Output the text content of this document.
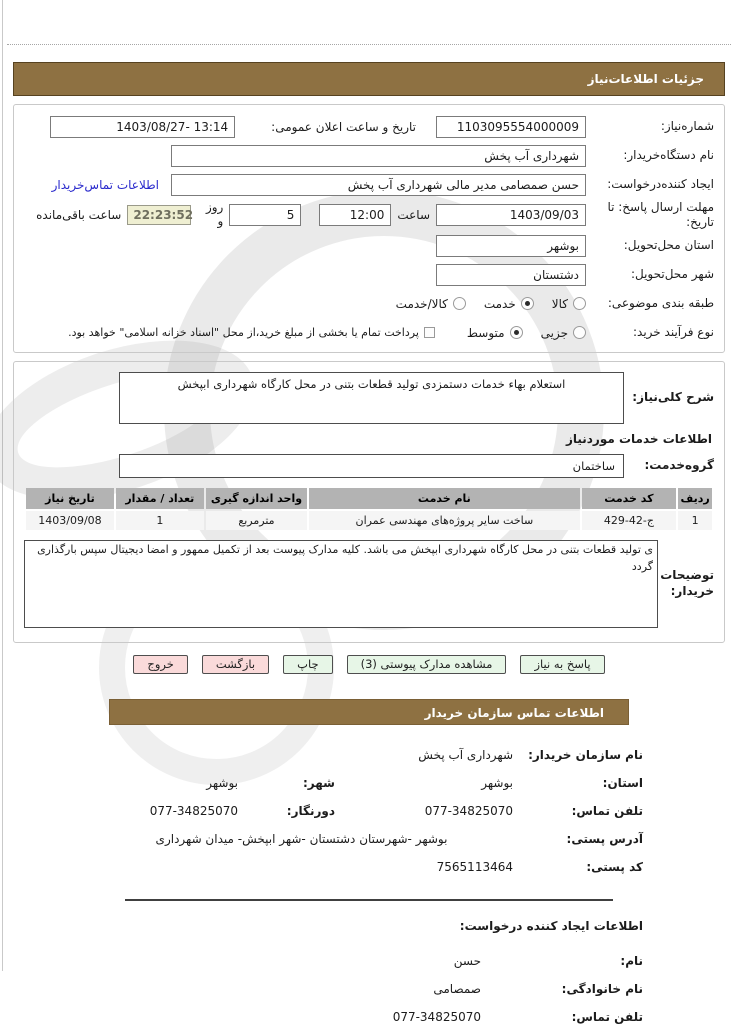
جزئیات اطلاعات‌نیاز
شماره‌نیاز:
1103095554000009
تاریخ و ساعت اعلان عمومی:
1403/08/27- 13:14
نام دستگاه‌خریدار:
شهرداری آب پخش
ایجاد کننده‌درخواست:
حسن صمصامی مدیر مالی شهرداری آب پخش
اطلاعات تماس‌خریدار
مهلت ارسال پاسخ: تا تاریخ:
1403/09/03
ساعت
12:00
5
روز و
22:23:52
ساعت باقی‌مانده
استان محل‌تحویل:
بوشهر
شهر محل‌تحویل:
دشتستان
طبقه بندی موضوعی:
کالا
خدمت
کالا/خدمت
نوع فرآیند خرید:
جزیی
متوسط
پرداخت تمام یا بخشی از مبلغ خرید،از محل "اسناد خزانه اسلامی" خواهد بود.
شرح کلی‌نیاز:
استعلام بهاء خدمات دستمزدی تولید قطعات بتنی در محل کارگاه شهرداری ابپخش
اطلاعات خدمات موردنیاز
گروه‌خدمت:
ساختمان
ردیف	کد خدمت	نام خدمت	واحد اندازه گیری	تعداد / مقدار	تاریخ نیاز
1	ج-42-429	ساخت سایر پروژه‌های مهندسی عمران	مترمربع	1	1403/09/08
توضیحات خریدار:
ی تولید قطعات بتنی در محل کارگاه شهرداری ابپخش می باشد. کلیه مدارک پیوست بعد از تکمیل ممهور و امضا دیجیتال سپس بارگذاری گردد
پاسخ به نیاز
مشاهده مدارک پیوستی (3)
چاپ
بازگشت
خروج
اطلاعات تماس سازمان خریدار
نام سازمان خریدار:
شهرداری آب پخش
استان:
بوشهر
شهر:
بوشهر
تلفن تماس:
077-34825070
دورنگار:
077-34825070
آدرس پستی:
بوشهر -شهرستان دشتستان -شهر ابپخش- میدان شهرداری
کد پستی:
7565113464
اطلاعات ایجاد کننده درخواست:
نام:
حسن
نام خانوادگی:
صمصامی
تلفن تماس:
077-34825070
